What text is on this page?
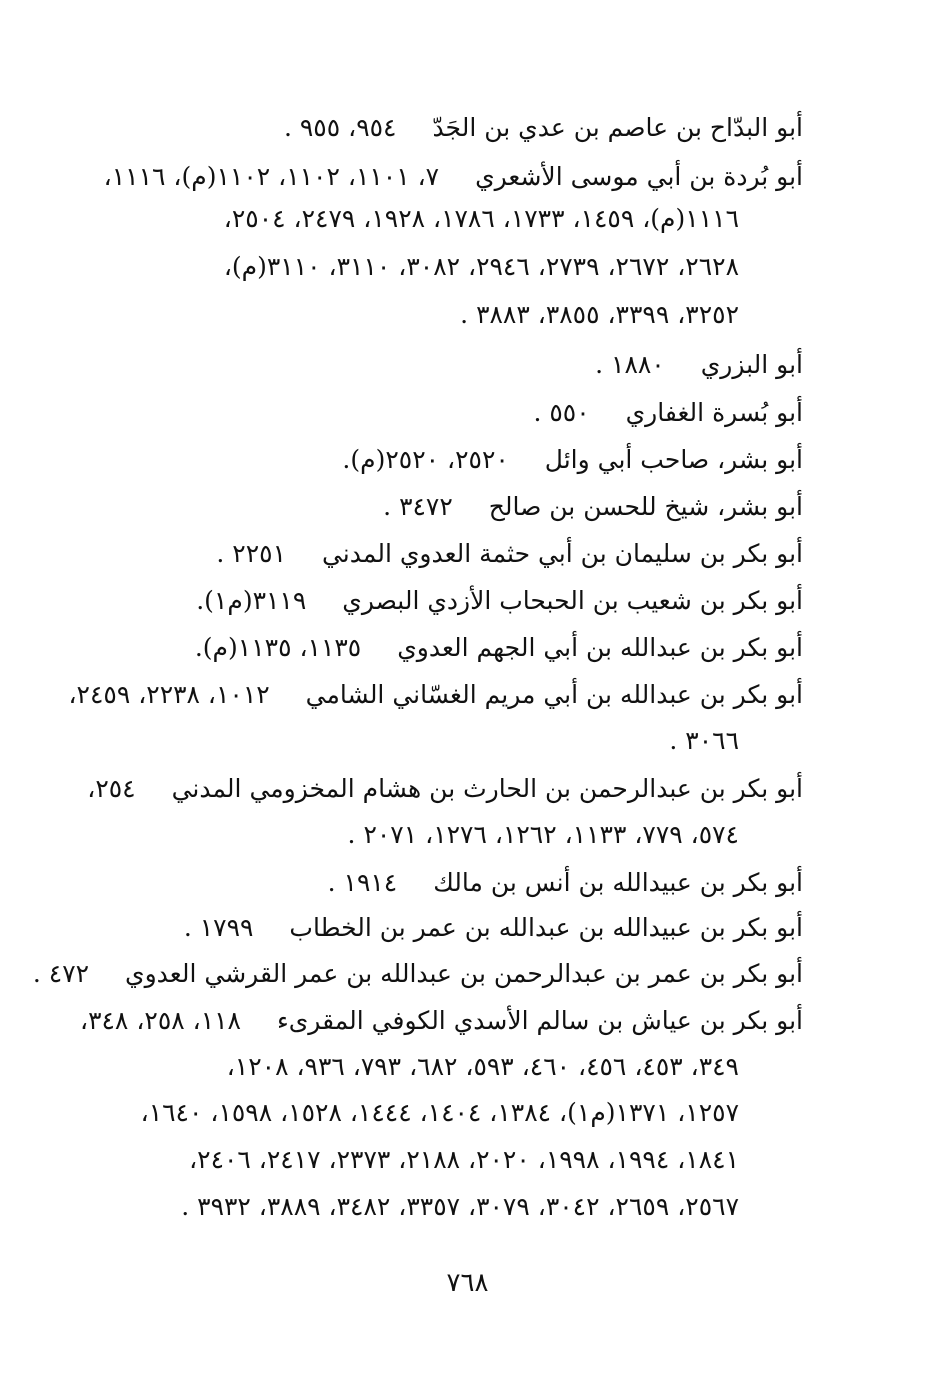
أبو البدّاح بن عاصم بن عدي بن الجَدّ ٩٥٤، ٩٥٥ .
أبو بُردة بن أبي موسى الأشعري ٧، ١١٠١، ١١٠٢، ١١٠٢(م)، ١١١٦،
١١١٦(م)، ١٤٥٩، ١٧٣٣، ١٧٨٦، ١٩٢٨، ٢٤٧٩، ٢٥٠٤،
٢٦٢٨، ٢٦٧٢، ٢٧٣٩، ٢٩٤٦، ٣٠٨٢، ٣١١٠، ٣١١٠(م)،
٣٢٥٢، ٣٣٩٩، ٣٨٥٥، ٣٨٨٣ .
أبو البزري ١٨٨٠ .
أبو بُسرة الغفاري ٥٥٠ .
أبو بشر، صاحب أبي وائل ٢٥٢٠، ٢٥٢٠(م).
أبو بشر، شيخ للحسن بن صالح ٣٤٧٢ .
أبو بكر بن سليمان بن أبي حثمة العدوي المدني ٢٢٥١ .
أبو بكر بن شعيب بن الحبحاب الأزدي البصري ٣١١٩(م١).
أبو بكر بن عبدالله بن أبي الجهم العدوي ١١٣٥، ١١٣٥(م).
أبو بكر بن عبدالله بن أبي مريم الغسّاني الشامي ١٠١٢، ٢٢٣٨، ٢٤٥٩،
٣٠٦٦ .
أبو بكر بن عبدالرحمن بن الحارث بن هشام المخزومي المدني ٢٥٤،
٥٧٤، ٧٧٩، ١١٣٣، ١٢٦٢، ١٢٧٦، ٢٠٧١ .
أبو بكر بن عبيدالله بن أنس بن مالك ١٩١٤ .
أبو بكر بن عبيدالله بن عبدالله بن عمر بن الخطاب ١٧٩٩ .
أبو بكر بن عمر بن عبدالرحمن بن عبدالله بن عمر القرشي العدوي ٤٧٢ .
أبو بكر بن عياش بن سالم الأسدي الكوفي المقرىء ١١٨، ٢٥٨، ٣٤٨،
٣٤٩، ٤٥٣، ٤٥٦، ٤٦٠، ٥٩٣، ٦٨٢، ٧٩٣، ٩٣٦، ١٢٠٨،
١٢٥٧، ١٣٧١(م١)، ١٣٨٤، ١٤٠٤، ١٤٤٤، ١٥٢٨، ١٥٩٨، ١٦٤٠،
١٨٤١، ١٩٩٤، ١٩٩٨، ٢٠٢٠، ٢١٨٨، ٢٣٧٣، ٢٤١٧، ٢٤٠٦،
٢٥٦٧، ٢٦٥٩، ٣٠٤٢، ٣٠٧٩، ٣٣٥٧، ٣٤٨٢، ٣٨٨٩، ٣٩٣٢ .
٧٦٨
